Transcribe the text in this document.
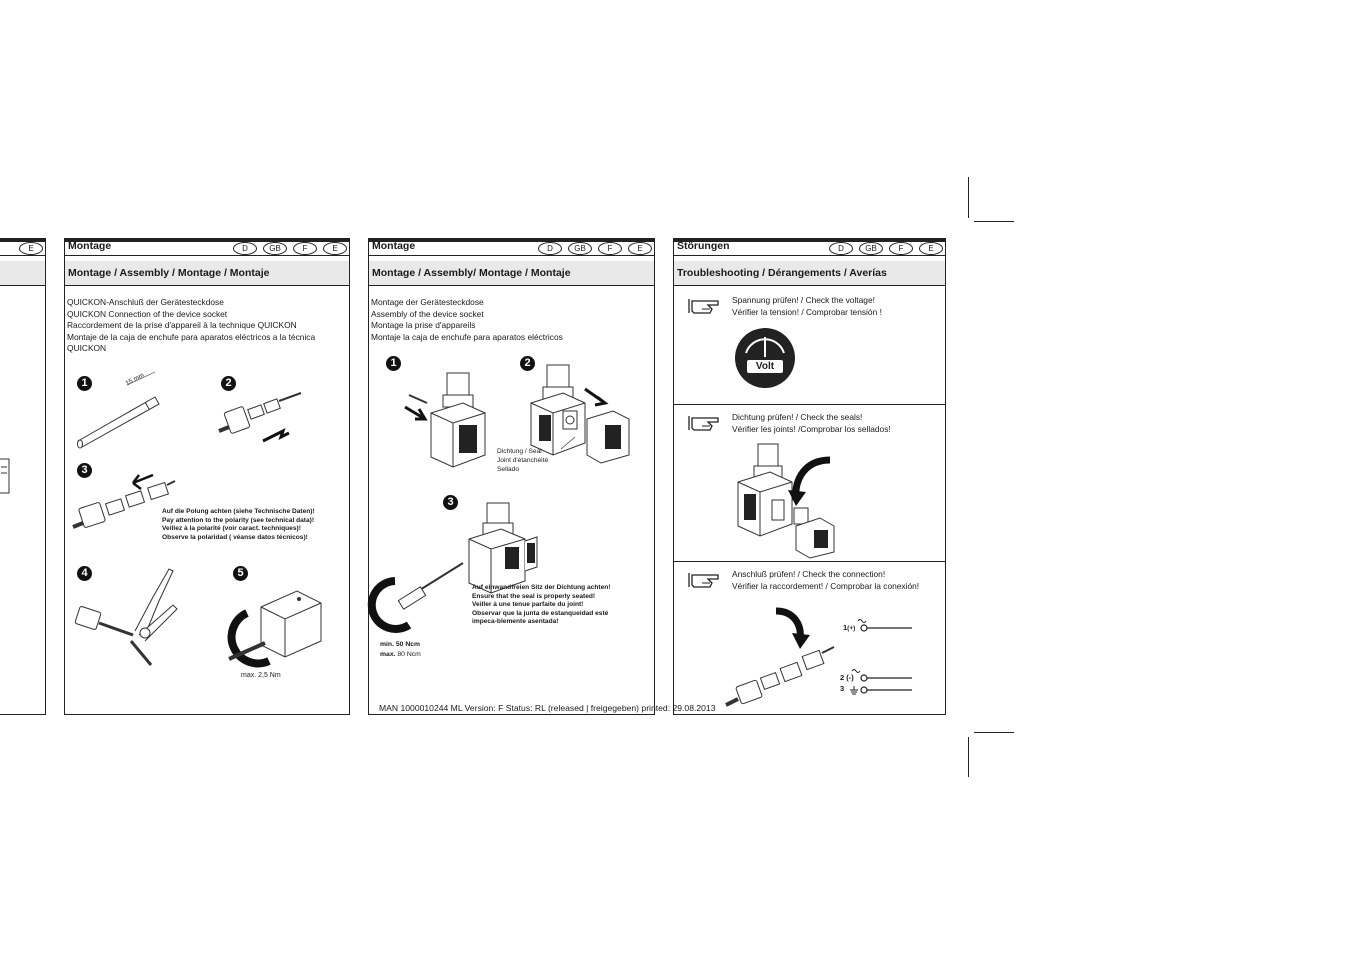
E	Montage	D	GB	F	E
Montage / Assembly / Montage / Montaje
QUICKON-Anschluß der Gerätesteckdose
QUICKON Connection of the device socket
Raccordement de la prise d'appareil à la technique QUICKON
Montaje de la caja de enchufe para aparatos eléctricos a la técnica
QUICKON
1	2
3
4	5
15 mm
Auf die Polung achten (siehe Technische Daten)!
Pay attention to the polarity (see technical data)!
Veillez à la polarité (voir caract. techniques)!
Observe la polaridad ( véanse datos técnicos)!
max. 2,5 Nm
Montage	D	GB	F	E
Montage / Assembly/ Montage / Montaje
Montage der Gerätesteckdose
Assembly of the device socket
Montage la prise d'appareils
Montaje la caja de enchufe para aparatos eléctricos
1	2
3
Dichtung / Seal
Joint d'étanchéité
Sellado
Auf einwandfreien Sitz der Dichtung achten!
Ensure that the seal is properly seated!
Veiller à une tenue parfaite du joint!
Observar que la junta de estanqueidad esté
impeca-blemente asentada!
min. 50 Ncm
max. 80 Ncm
Störungen	D	GB	F	E
Troubleshooting / Dérangements / Averías
Spannung prüfen! / Check the voltage!
Vérifier la tension! / Comprobar tensión !
Volt
Dichtung prüfen! / Check the seals!
Vérifier les joints! /Comprobar los sellados!
Anschluß prüfen! / Check the connection!
Vérifier la raccordement! / Comprobar la conexión!
1(+)
2 (-)
3
MAN 1000010244 ML Version: F Status: RL (released | freigegeben) printed: 29.08.2013
